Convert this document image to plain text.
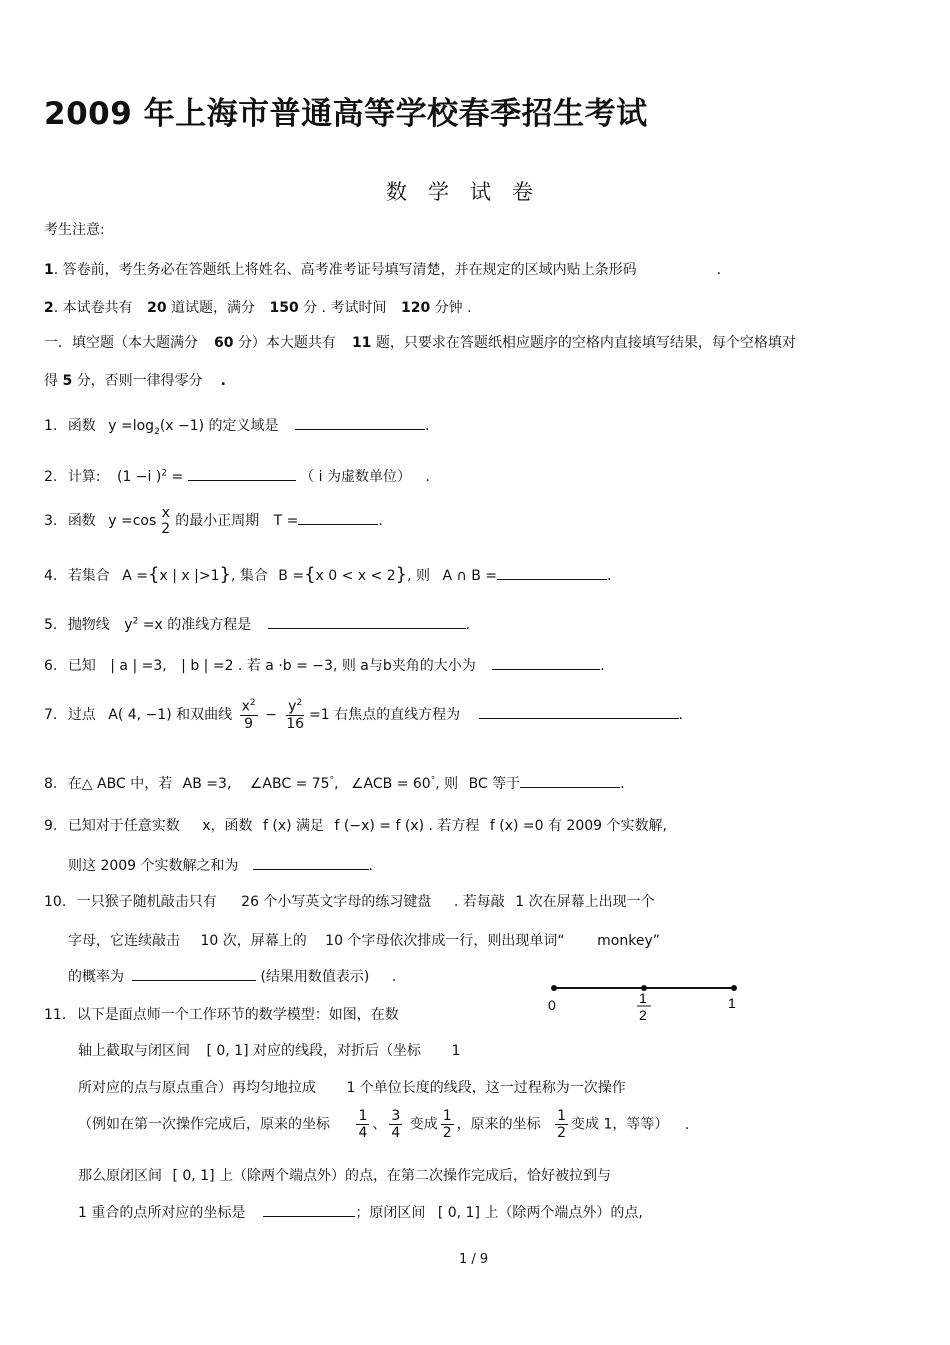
2009 年上海市普通高等学校春季招生考试
数学试卷
考生注意:
1. 答卷前，考生务必在答题纸上将姓名、高考准考证号填写清楚，并在规定的区域内贴上条形码	.
2. 本试卷共有 20 道试题，满分 150 分 . 考试时间 120 分钟 .
一．填空题（本大题满分 60 分）本大题共有 11 题，只要求在答题纸相应题序的空格内直接填写结果，每个空格填对
得 5 分，否则一律得零分 .
1. 函数 $y =\log_2(x -1)$ 的定义域是	.
2. 计算: (1 −i )$^2$ =	（ i 为虚数单位） .
3. 函数 y =cos
x
2 的最小正周期 T =	.
4. 若集合 A ={x | x |>1}, 集合 B ={x 0 < x < 2}, 则 A ∩ B =	.
5. 抛物线 $y^2 =x$ 的准线方程是	.
6. 已知 | a | =3, | b | =2 . 若 a ·b = −3, 则 a与b夹角的大小为	.
7. 过点 A( 4, −1) 和双曲线 $\frac{x^2}{9} - \frac{y^2}{16} =1$ 右焦点的直线方程为	.
8. 在△ ABC 中，若 AB =3, ∠ABC = 75°, ∠ACB = 60°, 则 BC 等于	.
9. 已知对于任意实数 x，函数 f (x) 满足 f (−x) = f (x) . 若方程 f (x) =0 有 2009 个实数解,
则这 2009 个实数解之和为	.
10. 一只猴子随机敲击只有 26 个小写英文字母的练习键盘 . 若每敲 1 次在屏幕上出现一个
字母，它连续敲击 10 次，屏幕上的 10 个字母依次排成一行，则出现单词“ monkey”
的概率为	(结果用数值表示) .
0	1
2
1
11. 以下是面点师一个工作环节的数学模型：如图，在数
轴上截取与闭区间 [ 0, 1] 对应的线段，对折后（坐标 1
所对应的点与原点重合）再均匀地拉成 1 个单位长度的线段，这一过程称为一次操作
（例如在第一次操作完成后，原来的坐标 $\frac{1}{4}$ 、 $\frac{3}{4}$ 变成 $\frac{1}{2}$ ，原来的坐标 $\frac{1}{2}$ 变成 1，等等） .
那么原闭区间 [ 0, 1] 上（除两个端点外）的点，在第二次操作完成后，恰好被拉到与
1 重合的点所对应的坐标是	；原闭区间 [ 0, 1] 上（除两个端点外）的点,
1 / 9
